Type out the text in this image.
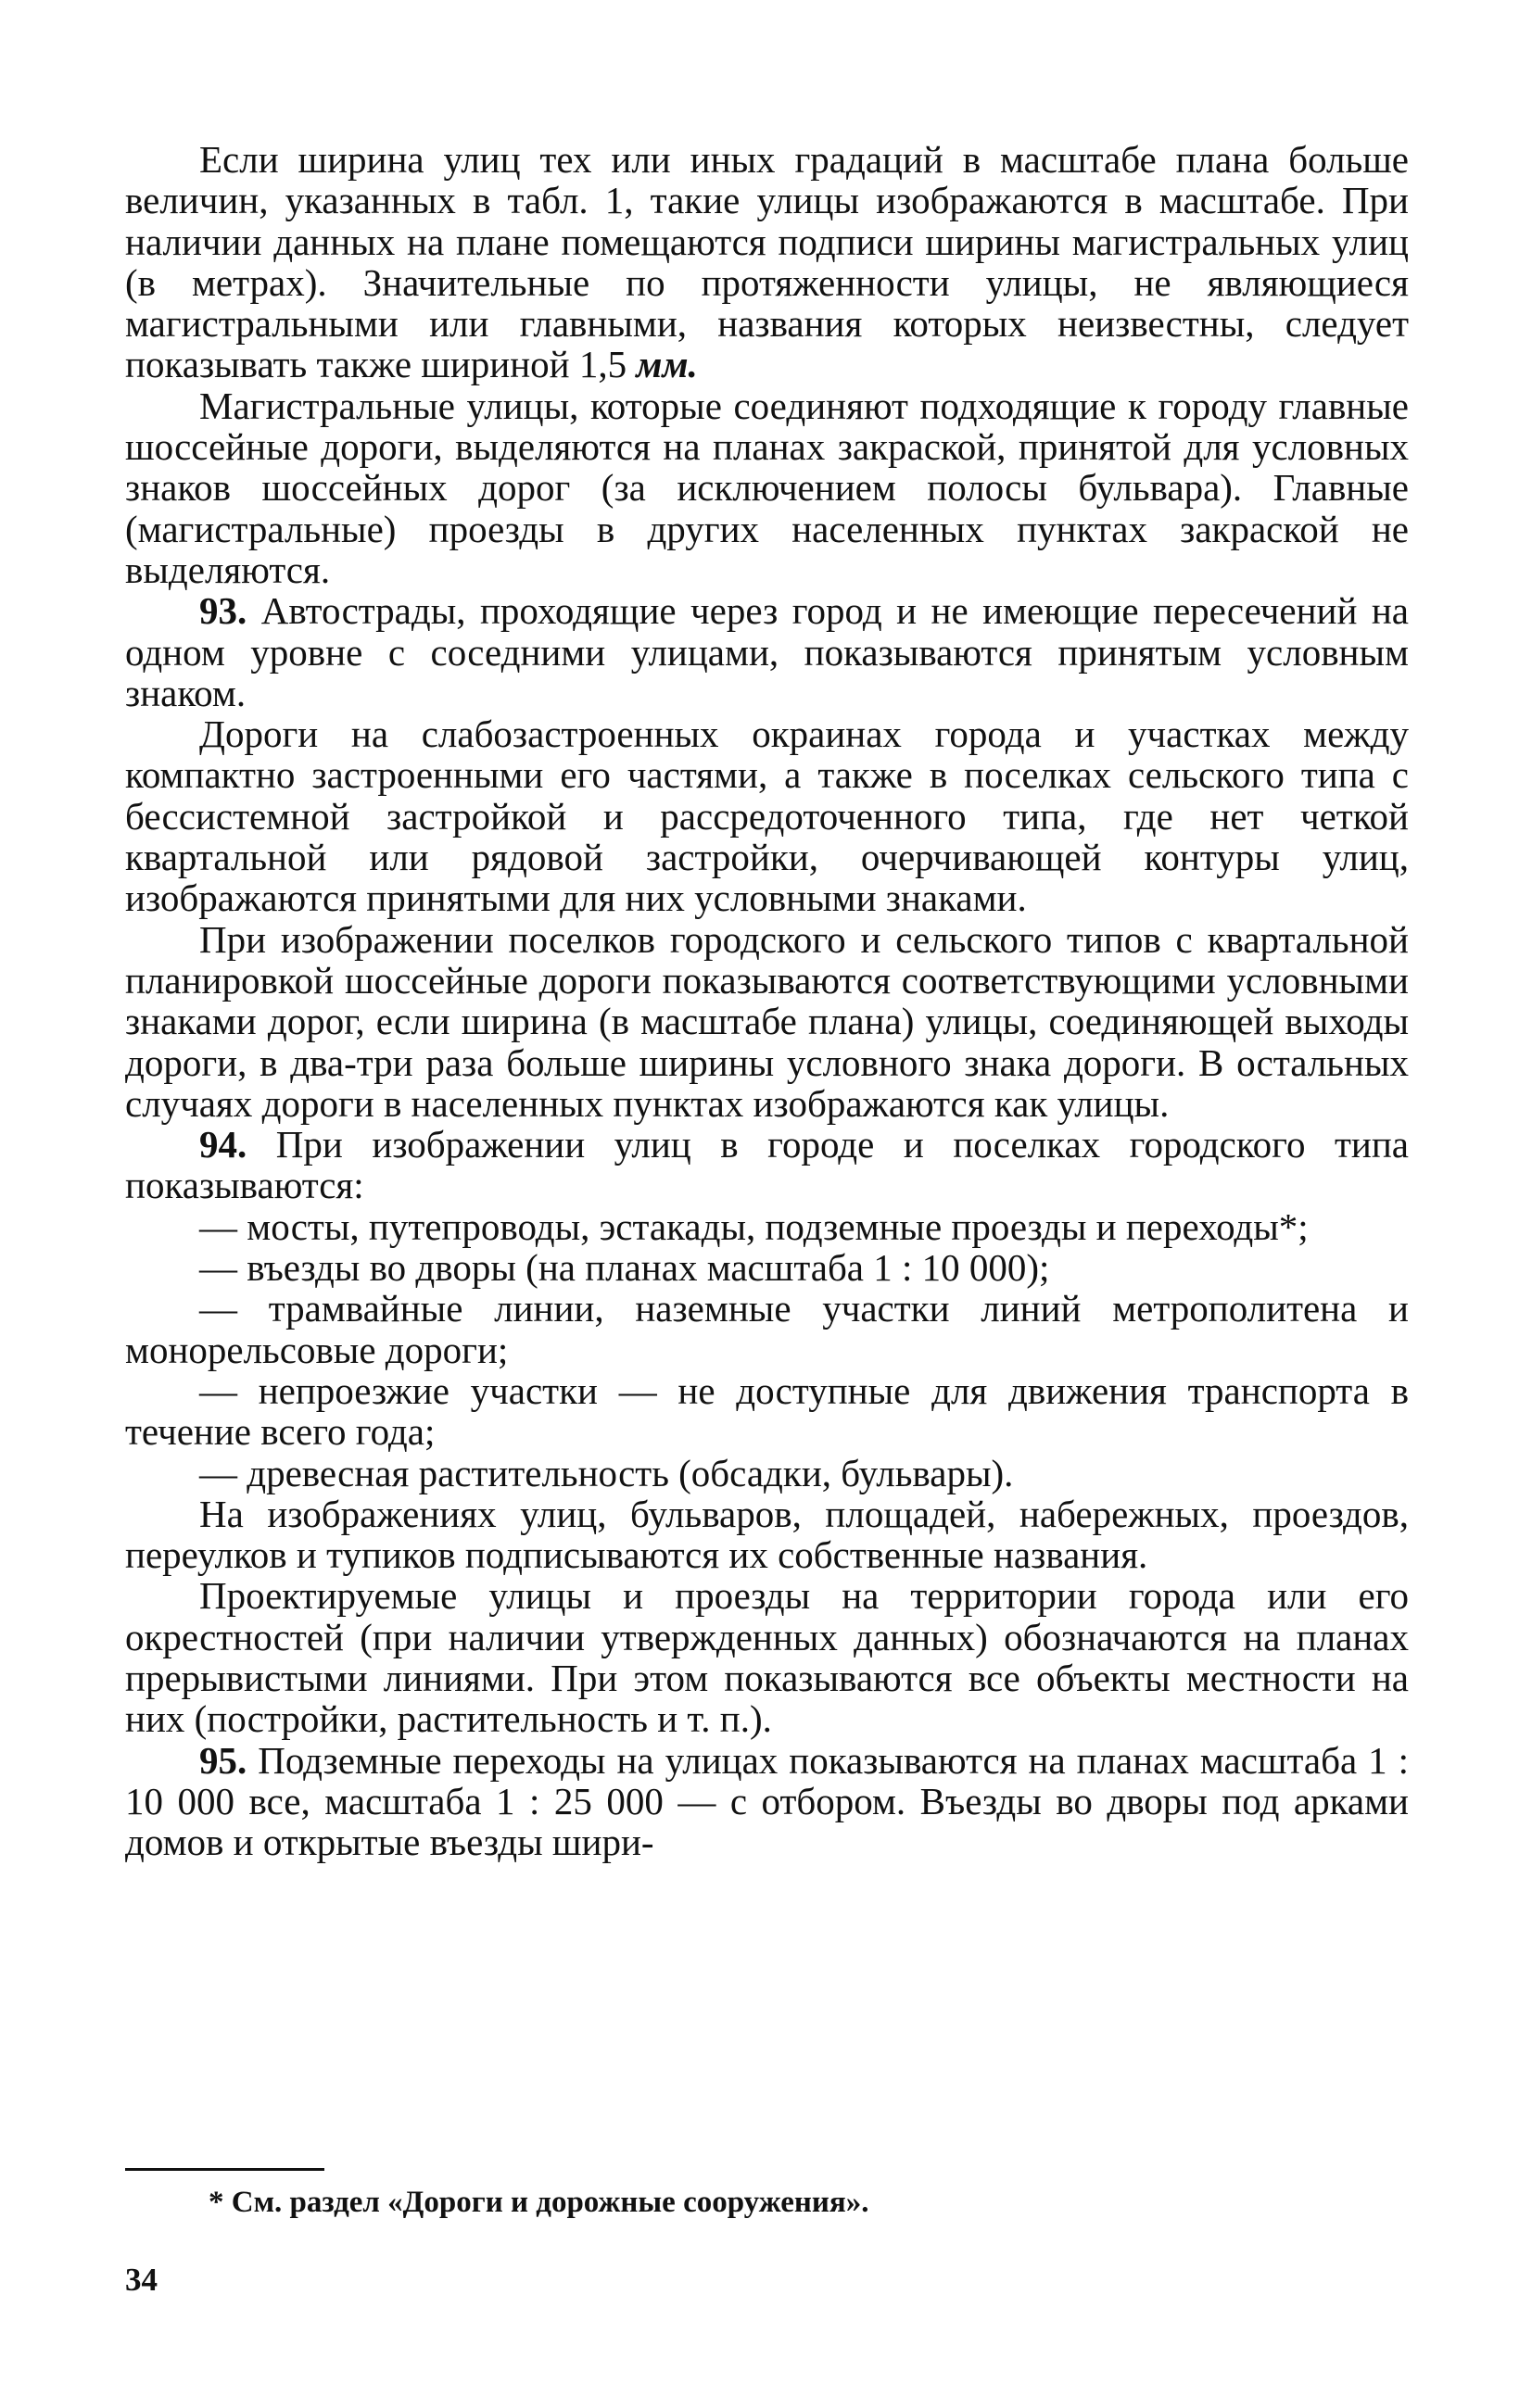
Если ширина улиц тех или иных градаций в масштабе плана больше величин, указанных в табл. 1, такие улицы изображаются в масштабе. При наличии данных на плане помещаются подписи ширины магистральных улиц (в метрах). Значительные по протяженности улицы, не являющиеся магистральными или главными, названия которых неизвестны, следует показывать также шириной 1,5 мм.

Магистральные улицы, которые соединяют подходящие к городу главные шоссейные дороги, выделяются на планах закраской, принятой для условных знаков шоссейных дорог (за исключением полосы бульвара). Главные (магистральные) проезды в других населенных пунктах закраской не выделяются.

93. Автострады, проходящие через город и не имеющие пересечений на одном уровне с соседними улицами, показываются принятым условным знаком.

Дороги на слабозастроенных окраинах города и участках между компактно застроенными его частями, а также в поселках сельского типа с бессистемной застройкой и рассредоточенного типа, где нет четкой квартальной или рядовой застройки, очерчивающей контуры улиц, изображаются принятыми для них условными знаками.

При изображении поселков городского и сельского типов с квартальной планировкой шоссейные дороги показываются соответствующими условными знаками дорог, если ширина (в масштабе плана) улицы, соединяющей выходы дороги, в два-три раза больше ширины условного знака дороги. В остальных случаях дороги в населенных пунктах изображаются как улицы.

94. При изображении улиц в городе и поселках городского типа показываются:

— мосты, путепроводы, эстакады, подземные проезды и переходы*;

— въезды во дворы (на планах масштаба 1 : 10 000);

— трамвайные линии, наземные участки линий метрополитена и монорельсовые дороги;

— непроезжие участки — не доступные для движения транспорта в течение всего года;

— древесная растительность (обсадки, бульвары).

На изображениях улиц, бульваров, площадей, набережных, проездов, переулков и тупиков подписываются их собственные названия.

Проектируемые улицы и проезды на территории города или его окрестностей (при наличии утвержденных данных) обозначаются на планах прерывистыми линиями. При этом показываются все объекты местности на них (постройки, растительность и т. п.).

95. Подземные переходы на улицах показываются на планах масштаба 1 : 10 000 все, масштаба 1 : 25 000 — с отбором. Въезды во дворы под арками домов и открытые въезды шири-

* См. раздел «Дороги и дорожные сооружения».
34
